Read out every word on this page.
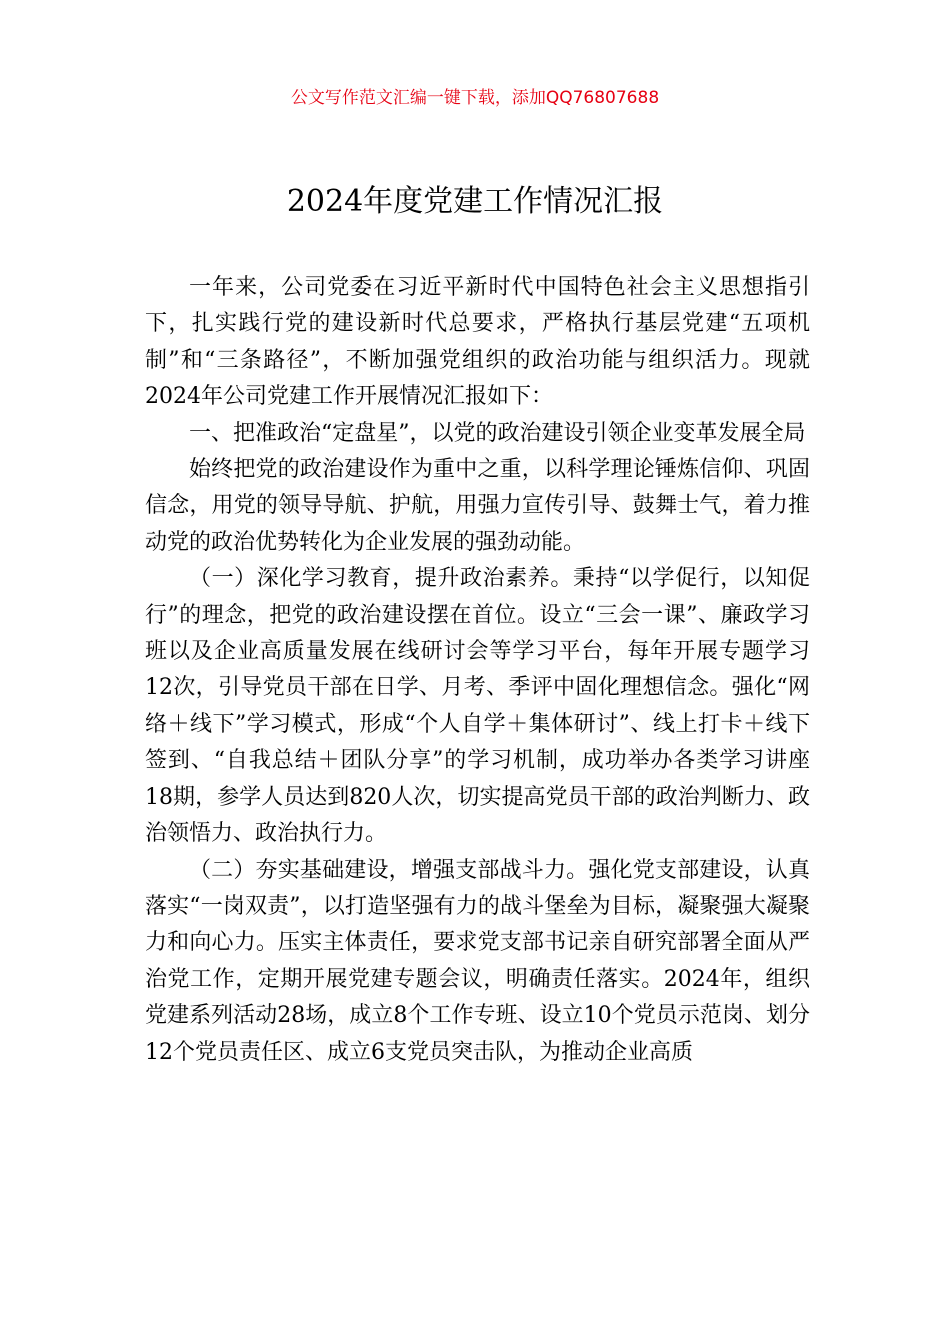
公文写作范文汇编一键下载，添加QQ76807688
2024年度党建工作情况汇报

一年来，公司党委在习近平新时代中国特色社会主义思想指引下，扎实践行党的建设新时代总要求，严格执行基层党建“五项机制”和“三条路径”，不断加强党组织的政治功能与组织活力。现就2024年公司党建工作开展情况汇报如下：

一、把准政治“定盘星”，以党的政治建设引领企业变革发展全局

始终把党的政治建设作为重中之重，以科学理论锤炼信仰、巩固信念，用党的领导导航、护航，用强力宣传引导、鼓舞士气，着力推动党的政治优势转化为企业发展的强劲动能。

（一）深化学习教育，提升政治素养。秉持“以学促行，以知促行”的理念，把党的政治建设摆在首位。设立“三会一课”、廉政学习班以及企业高质量发展在线研讨会等学习平台，每年开展专题学习12次，引导党员干部在日学、月考、季评中固化理想信念。强化“网络＋线下”学习模式，形成“个人自学＋集体研讨”、线上打卡＋线下签到、“自我总结＋团队分享”的学习机制，成功举办各类学习讲座18期，参学人员达到820人次，切实提高党员干部的政治判断力、政治领悟力、政治执行力。

（二）夯实基础建设，增强支部战斗力。强化党支部建设，认真落实“一岗双责”，以打造坚强有力的战斗堡垒为目标，凝聚强大凝聚力和向心力。压实主体责任，要求党支部书记亲自研究部署全面从严治党工作，定期开展党建专题会议，明确责任落实。2024年，组织党建系列活动28场，成立8个工作专班、设立10个党员示范岗、划分12个党员责任区、成立6支党员突击队，为推动企业高质
